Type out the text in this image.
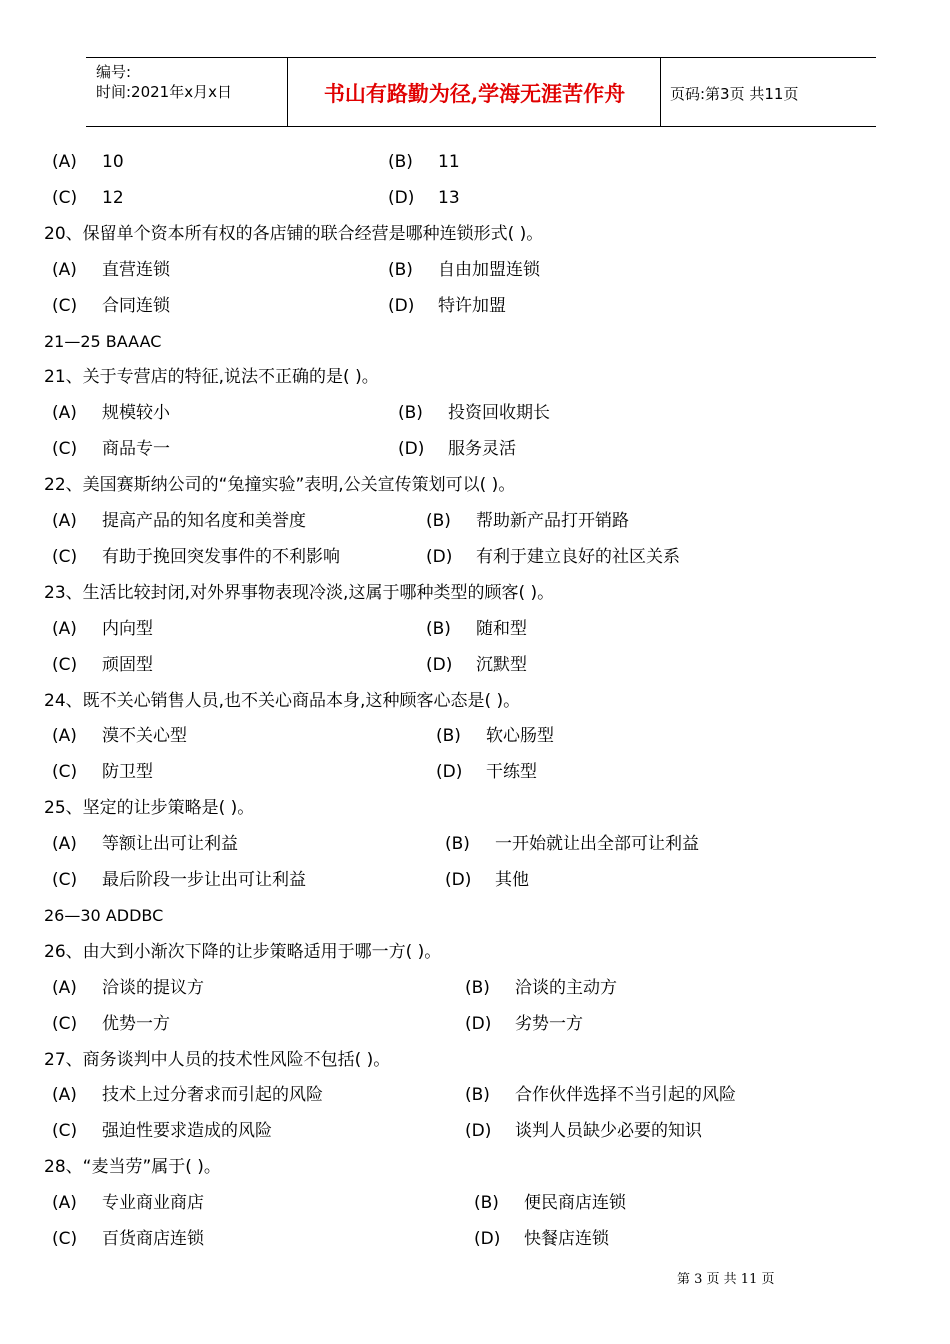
编号:
时间:2021年x月x日	书山有路勤为径,学海无涯苦作舟	页码:第3页 共11页
(A) 10	(B) 11
(C) 12	(D) 13
20、保留单个资本所有权的各店铺的联合经营是哪种连锁形式( )。
(A) 直营连锁	(B) 自由加盟连锁
(C) 合同连锁	(D) 特许加盟
21—25 BAAAC
21、关于专营店的特征,说法不正确的是( )。
(A) 规模较小	(B) 投资回收期长
(C) 商品专一	(D) 服务灵活
22、美国赛斯纳公司的“兔撞实验”表明,公关宣传策划可以( )。
(A) 提高产品的知名度和美誉度	(B) 帮助新产品打开销路
(C) 有助于挽回突发事件的不利影响	(D) 有利于建立良好的社区关系
23、生活比较封闭,对外界事物表现冷淡,这属于哪种类型的顾客( )。
(A) 内向型	(B) 随和型
(C) 顽固型	(D) 沉默型
24、既不关心销售人员,也不关心商品本身,这种顾客心态是( )。
(A) 漠不关心型	(B) 软心肠型
(C) 防卫型	(D) 干练型
25、坚定的让步策略是( )。
(A) 等额让出可让利益	(B) 一开始就让出全部可让利益
(C) 最后阶段一步让出可让利益	(D) 其他
26—30 ADDBC
26、由大到小渐次下降的让步策略适用于哪一方( )。
(A) 洽谈的提议方	(B) 洽谈的主动方
(C) 优势一方	(D) 劣势一方
27、商务谈判中人员的技术性风险不包括( )。
(A) 技术上过分奢求而引起的风险	(B) 合作伙伴选择不当引起的风险
(C) 强迫性要求造成的风险	(D) 谈判人员缺少必要的知识
28、“麦当劳”属于( )。
(A) 专业商业商店	(B) 便民商店连锁
(C) 百货商店连锁	(D) 快餐店连锁
第 3 页 共 11 页
